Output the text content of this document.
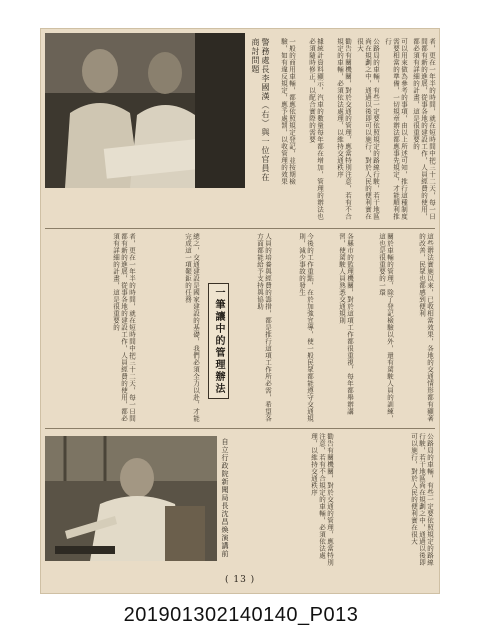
警務處長李國漢（右）與一位官員在商討問題	者，更在一年半的時間，就在短時間中把三十二天，每一日間都有新的進展，從事各地的建設工作，人員經費的使用，都必須有詳細的計畫，這是很重要的
可以用來做為參考的事項，由以上所述可知，推行這種制度需要相當的準備，一切規章辦法都應事先規定，才能順利推行
公路局的車輛，有些一定要依照規定的路線行駛，若干地區尚在規劃之中，通過以後即可以施行，對於人民的便利實在很大
勸告有關機關，對於交通的管理，應當特別注意，若有不合規定的車輛，必須依法處理，以維持交通秩序
據統計資料顯示，汽車的數量每年都在增加，管理的辦法也必須隨時修正，以配合實際的需要
一般的商用車輛，都應依照規定登記，並按期檢驗，如有違反規定，應予處罰，以收管理的效果
這些辦法實施以來，已收相當效果，各地的交通情形都有顯著的改善，民眾也都感到便利
關於車輛的管理，除了登記檢驗以外，還有駕駛人員的訓練，這也是很重要的一環
各縣市的監理機關，對於這項工作都很重視，每年都舉辦講習，使駕駛人員熟悉交通規則
今後的工作重點，在於加強宣導，使一般民眾都能遵守交通規則，減少事故的發生
一筆讓中的管理辦法	人員的培養與經費的籌措，都是推行這項工作所必需，希望各方面都能給予支持與協助
總之，交通建設是國家建設的基礎，我們必須全力以赴，才能完成這一項艱鉅的任務
者，更在一年半的時間，就在短時間中把三十二天，每一日間都有新的進展，從事各地的建設工作，人員經費的使用，都必須有詳細的計畫，這是很重要的
公路局的車輛，有些一定要依照規定的路線行駛，若干地區尚在規劃之中，通過以後即可以施行，對於人民的便利實在很大
勸告有關機關，對於交通的管理，應當特別注意，若有不合規定的車輛，必須依法處理，以維持交通秩序
自立行政院新聞局長沈昌煥演講前
( 13 )
201901302140140_P013
